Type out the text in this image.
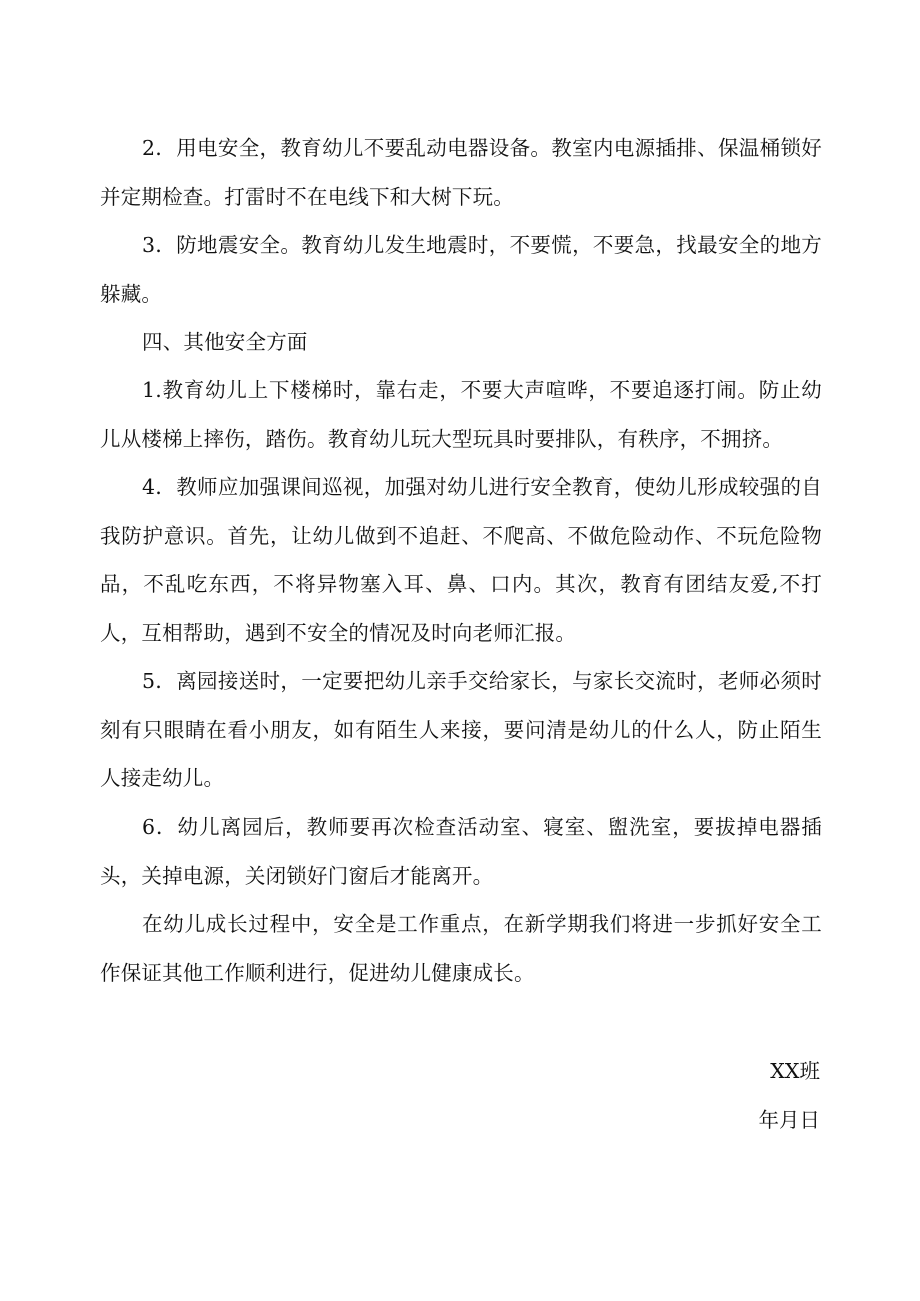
2．用电安全，教育幼儿不要乱动电器设备。教室内电源插排、保温桶锁好并定期检查。打雷时不在电线下和大树下玩。

3．防地震安全。教育幼儿发生地震时，不要慌，不要急，找最安全的地方躲藏。

四、其他安全方面

1.教育幼儿上下楼梯时，靠右走，不要大声喧哗，不要追逐打闹。防止幼儿从楼梯上摔伤，踏伤。教育幼儿玩大型玩具时要排队，有秩序，不拥挤。

4．教师应加强课间巡视，加强对幼儿进行安全教育，使幼儿形成较强的自我防护意识。首先，让幼儿做到不追赶、不爬高、不做危险动作、不玩危险物品，不乱吃东西，不将异物塞入耳、鼻、口内。其次，教育有团结友爱,不打人，互相帮助，遇到不安全的情况及时向老师汇报。

5．离园接送时，一定要把幼儿亲手交给家长，与家长交流时，老师必须时刻有只眼睛在看小朋友，如有陌生人来接，要问清是幼儿的什么人，防止陌生人接走幼儿。

6．幼儿离园后，教师要再次检查活动室、寝室、盥洗室，要拔掉电器插头，关掉电源，关闭锁好门窗后才能离开。

在幼儿成长过程中，安全是工作重点，在新学期我们将进一步抓好安全工作保证其他工作顺利进行，促进幼儿健康成长。

XX班

年月日
